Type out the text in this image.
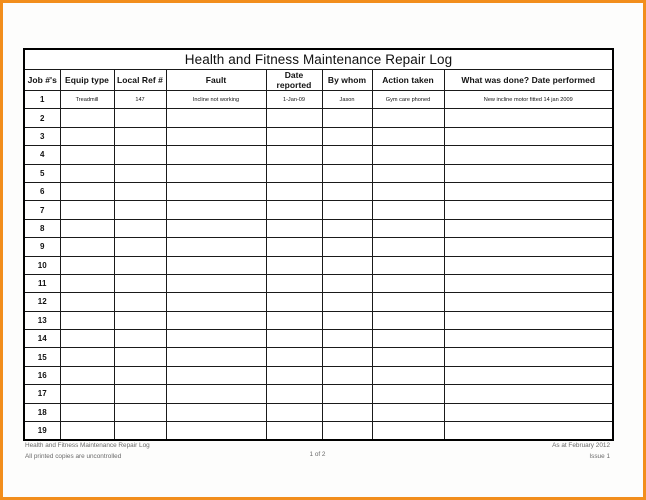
Health and Fitness Maintenance Repair Log							
Job #'s	Equip type	Local Ref #	Fault	Date reported	By whom	Action taken	What was done? Date performed
1	Treadmill	147	Incline not working	1-Jan-09	Jason	Gym care phoned	New incline motor fitted 14 jan 2009
2							
3							
4							
5							
6							
7							
8							
9							
10							
11							
12							
13							
14							
15							
16							
17							
18							
19							
Health and Fitness Maintenance Repair Log
All printed copies are uncontrolled	1 of 2
As at February 2012
Issue 1
